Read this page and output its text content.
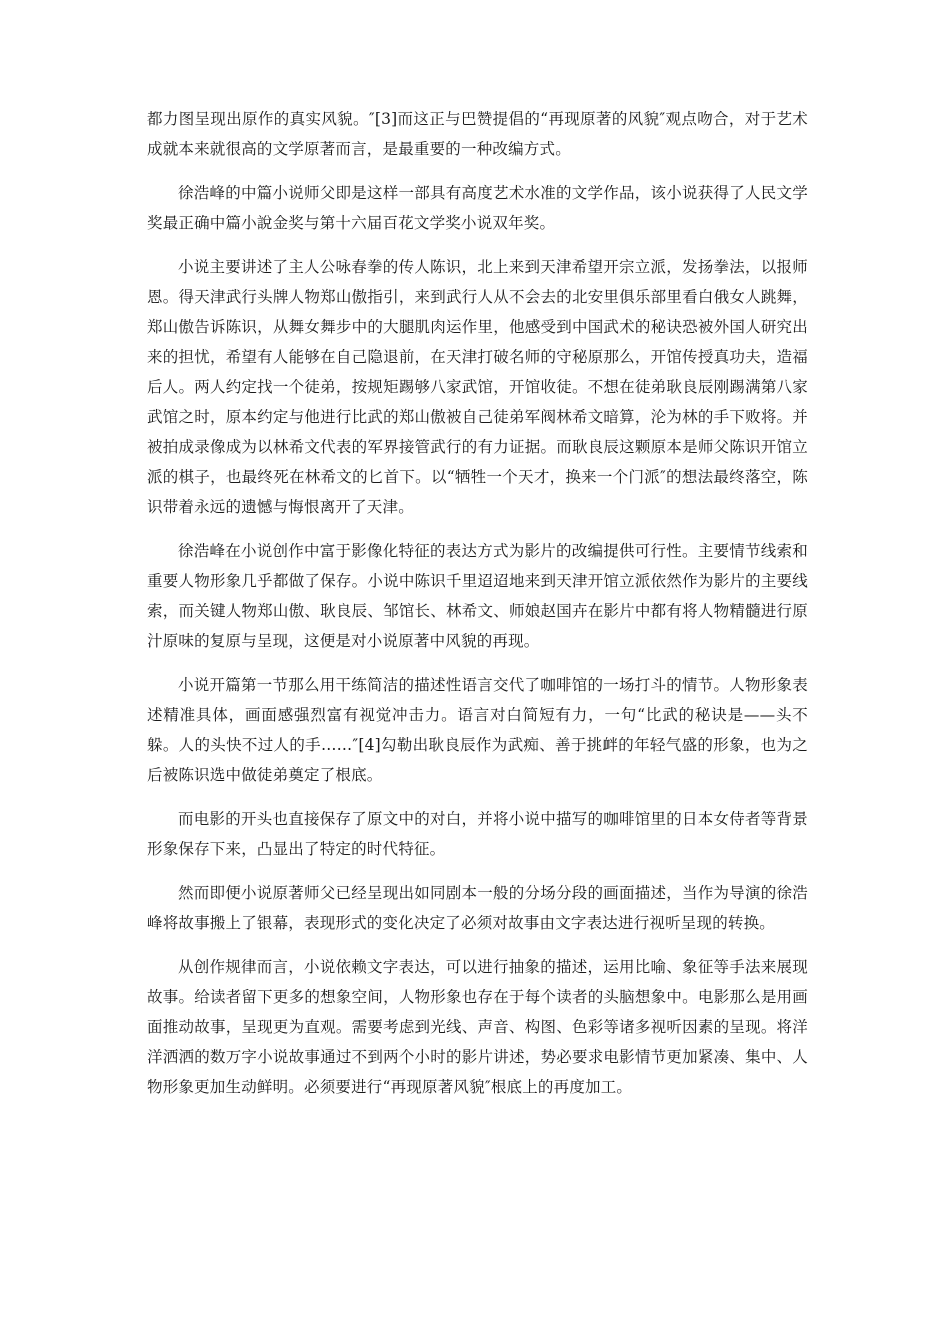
都力图呈现出原作的真实风貌。″[3]而这正与巴赞提倡的“再现原著的风貌″观点吻合，对于艺术成就本来就很高的文学原著而言，是最重要的一种改编方式。

徐浩峰的中篇小说师父即是这样一部具有高度艺术水准的文学作品，该小说获得了人民文学奖最正确中篇小說金奖与第十六届百花文学奖小说双年奖。

小说主要讲述了主人公咏春拳的传人陈识，北上来到天津希望开宗立派，发扬拳法，以报师恩。得天津武行头牌人物郑山傲指引，来到武行人从不会去的北安里俱乐部里看白俄女人跳舞，郑山傲告诉陈识，从舞女舞步中的大腿肌肉运作里，他感受到中国武术的秘诀恐被外国人研究出来的担忧，希望有人能够在自己隐退前，在天津打破名师的守秘原那么，开馆传授真功夫，造福后人。两人约定找一个徒弟，按规矩踢够八家武馆，开馆收徒。不想在徒弟耿良辰刚踢满第八家武馆之时，原本约定与他进行比武的郑山傲被自己徒弟军阀林希文暗算，沦为林的手下败将。并被拍成录像成为以林希文代表的军界接管武行的有力证据。而耿良辰这颗原本是师父陈识开馆立派的棋子，也最终死在林希文的匕首下。以“牺牲一个天才，换来一个门派″的想法最终落空，陈识带着永远的遗憾与悔恨离开了天津。

徐浩峰在小说创作中富于影像化特征的表达方式为影片的改编提供可行性。主要情节线索和重要人物形象几乎都做了保存。小说中陈识千里迢迢地来到天津开馆立派依然作为影片的主要线索，而关键人物郑山傲、耿良辰、邹馆长、林希文、师娘赵国卉在影片中都有将人物精髓进行原汁原味的复原与呈现，这便是对小说原著中风貌的再现。

小说开篇第一节那么用干练简洁的描述性语言交代了咖啡馆的一场打斗的情节。人物形象表述精准具体，画面感强烈富有视觉冲击力。语言对白简短有力，一句“比武的秘诀是——头不躲。人的头快不过人的手……″[4]勾勒出耿良辰作为武痴、善于挑衅的年轻气盛的形象，也为之后被陈识选中做徒弟奠定了根底。

而电影的开头也直接保存了原文中的对白，并将小说中描写的咖啡馆里的日本女侍者等背景形象保存下来，凸显出了特定的时代特征。

然而即便小说原著师父已经呈现出如同剧本一般的分场分段的画面描述，当作为导演的徐浩峰将故事搬上了银幕，表现形式的变化决定了必须对故事由文字表达进行视听呈现的转换。

从创作规律而言，小说依赖文字表达，可以进行抽象的描述，运用比喻、象征等手法来展现故事。给读者留下更多的想象空间，人物形象也存在于每个读者的头脑想象中。电影那么是用画面推动故事，呈现更为直观。需要考虑到光线、声音、构图、色彩等诸多视听因素的呈现。将洋洋洒洒的数万字小说故事通过不到两个小时的影片讲述，势必要求电影情节更加紧凑、集中、人物形象更加生动鲜明。必须要进行“再现原著风貌″根底上的再度加工。
